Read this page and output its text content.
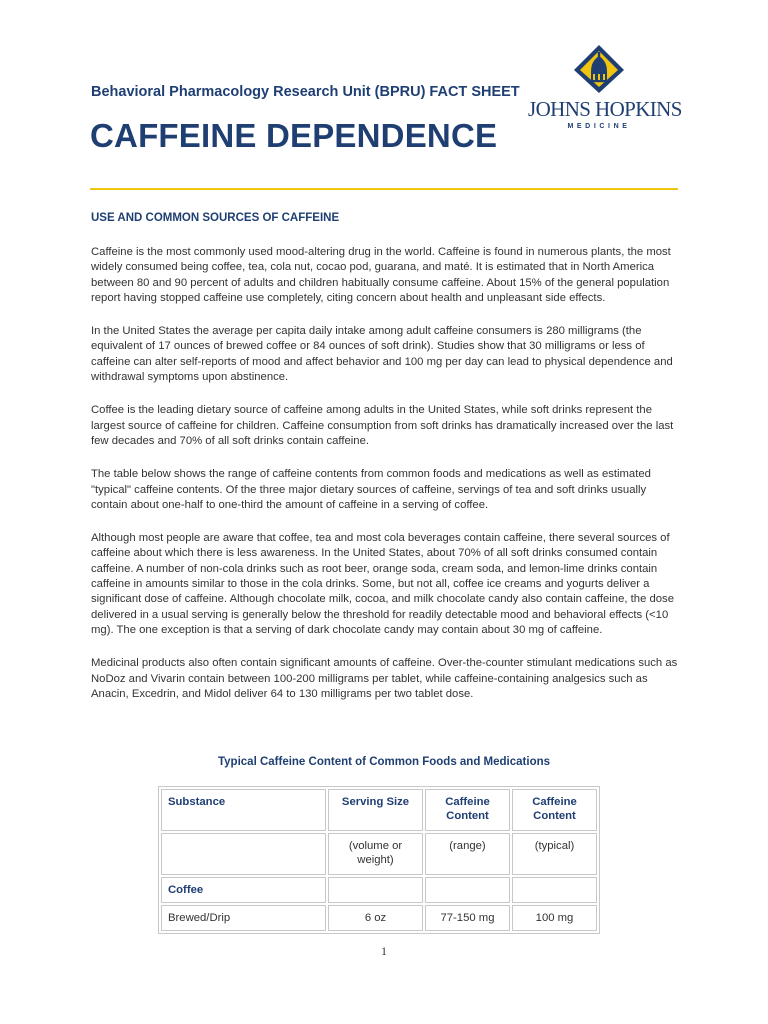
Behavioral Pharmacology Research Unit (BPRU) FACT SHEET
CAFFEINE DEPENDENCE
JOHNS HOPKINS
MEDICINE
USE AND COMMON SOURCES OF CAFFEINE

Caffeine is the most commonly used mood-altering drug in the world. Caffeine is found in numerous plants, the most widely consumed being coffee, tea, cola nut, cocao pod, guarana, and maté. It is estimated that in North America between 80 and 90 percent of adults and children habitually consume caffeine. About 15% of the general population report having stopped caffeine use completely, citing concern about health and unpleasant side effects.

In the United States the average per capita daily intake among adult caffeine consumers is 280 milligrams (the equivalent of 17 ounces of brewed coffee or 84 ounces of soft drink). Studies show that 30 milligrams or less of caffeine can alter self-reports of mood and affect behavior and 100 mg per day can lead to physical dependence and withdrawal symptoms upon abstinence.

Coffee is the leading dietary source of caffeine among adults in the United States, while soft drinks represent the largest source of caffeine for children. Caffeine consumption from soft drinks has dramatically increased over the last few decades and 70% of all soft drinks contain caffeine.

The table below shows the range of caffeine contents from common foods and medications as well as estimated "typical" caffeine contents. Of the three major dietary sources of caffeine, servings of tea and soft drinks usually contain about one-half to one-third the amount of caffeine in a serving of coffee.

Although most people are aware that coffee, tea and most cola beverages contain caffeine, there several sources of caffeine about which there is less awareness. In the United States, about 70% of all soft drinks consumed contain caffeine. A number of non-cola drinks such as root beer, orange soda, cream soda, and lemon-lime drinks contain caffeine in amounts similar to those in the cola drinks. Some, but not all, coffee ice creams and yogurts deliver a significant dose of caffeine. Although chocolate milk, cocoa, and milk chocolate candy also contain caffeine, the dose delivered in a usual serving is generally below the threshold for readily detectable mood and behavioral effects (<10 mg). The one exception is that a serving of dark chocolate candy may contain about 30 mg of caffeine.

Medicinal products also often contain significant amounts of caffeine. Over-the-counter stimulant medications such as NoDoz and Vivarin contain between 100-200 milligrams per tablet, while caffeine-containing analgesics such as Anacin, Excedrin, and Midol deliver 64 to 130 milligrams per two tablet dose.

Typical Caffeine Content of Common Foods and Medications
Substance	Serving Size	Caffeine Content	Caffeine Content
	(volume or weight)	(range)	(typical)
Coffee			
Brewed/Drip	6 oz	77-150 mg	100 mg
1
